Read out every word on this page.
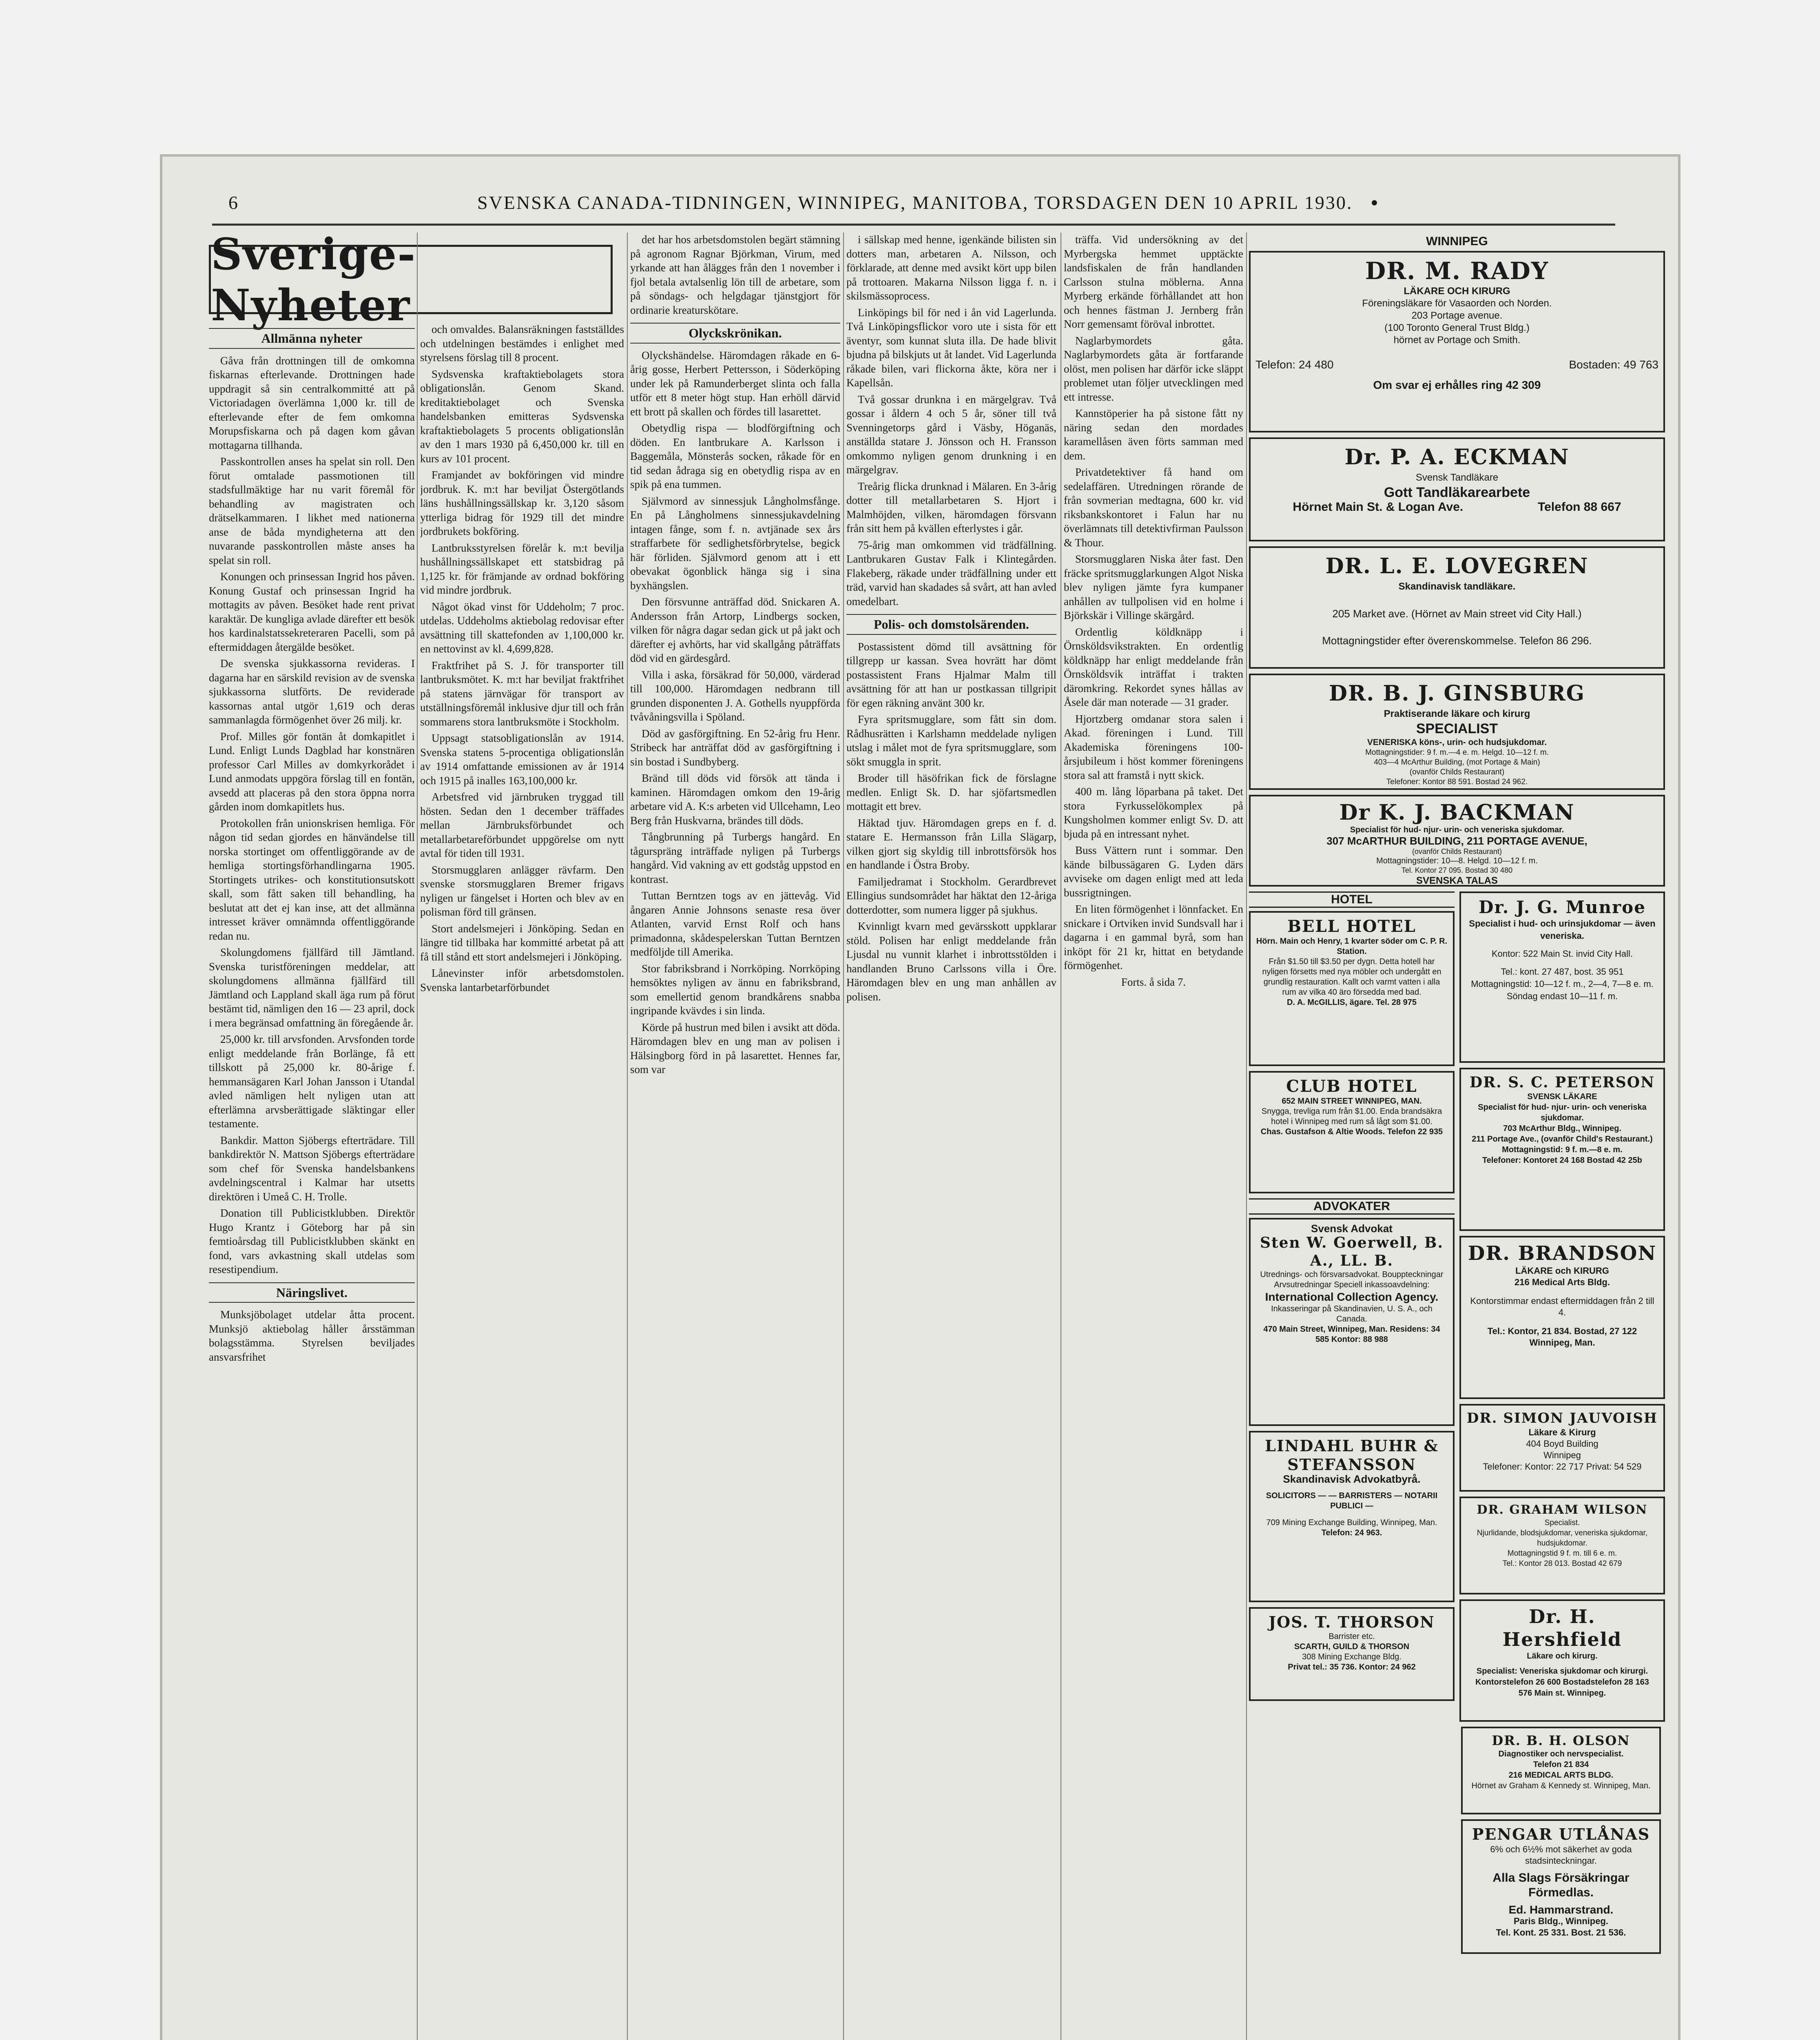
6	SVENSKA CANADA-TIDNINGEN, WINNIPEG, MANITOBA, TORSDAGEN DEN 10 APRIL 1930. •
Sverige-Nyheter
Allmänna nyheter

Gåva från drottningen till de omkomna fiskarnas efterlevande. Drottningen hade uppdragit så sin centralkommitté att på Victoriadagen överlämna 1,000 kr. till de efterlevande efter de fem omkomna Morupsfiskarna och på dagen kom gåvan mottagarna tillhanda.

Passkontrollen anses ha spelat sin roll. Den förut omtalade passmotionen till stadsfullmäktige har nu varit föremål för behandling av magistraten och drätselkammaren. I likhet med nationerna anse de båda myndigheterna att den nuvarande passkontrollen måste anses ha spelat sin roll.

Konungen och prinsessan Ingrid hos påven. Konung Gustaf och prinsessan Ingrid ha mottagits av påven. Besöket hade rent privat karaktär. De kungliga avlade därefter ett besök hos kardinalstatssekreteraren Pacelli, som på eftermiddagen återgälde besöket.

De svenska sjukkassorna revideras. I dagarna har en särskild revision av de svenska sjukkassorna slutförts. De reviderade kassornas antal utgör 1,619 och deras sammanlagda förmögenhet över 26 milj. kr.

Prof. Milles gör fontän åt domkapitlet i Lund. Enligt Lunds Dagblad har konstnären professor Carl Milles av domkyrkorådet i Lund anmodats uppgöra förslag till en fontän, avsedd att placeras på den stora öppna norra gården inom domkapitlets hus.

Protokollen från unionskrisen hemliga. För någon tid sedan gjordes en hänvändelse till norska stortinget om offentliggörande av de hemliga stortingsförhandlingarna 1905. Stortingets utrikes- och konstitutionsutskott skall, som fått saken till behandling, ha beslutat att det ej kan inse, att det allmänna intresset kräver omnämnda offentliggörande redan nu.

Skolungdomens fjällfärd till Jämtland. Svenska turistföreningen meddelar, att skolungdomens allmänna fjällfärd till Jämtland och Lappland skall äga rum på förut bestämt tid, nämligen den 16 — 23 april, dock i mera begränsad omfattning än föregående år.

25,000 kr. till arvsfonden. Arvsfonden torde enligt meddelande från Borlänge, få ett tillskott på 25,000 kr. 80-årige f. hemmansägaren Karl Johan Jansson i Utandal avled nämligen helt nyligen utan att efterlämna arvsberättigade släktingar eller testamente.

Bankdir. Matton Sjöbergs efterträdare. Till bankdirektör N. Mattson Sjöbergs efterträdare som chef för Svenska handelsbankens avdelningscentral i Kalmar har utsetts direktören i Umeå C. H. Trolle.

Donation till Publicistklubben. Direktör Hugo Krantz i Göteborg har på sin femtioårsdag till Publicistklubben skänkt en fond, vars avkastning skall utdelas som resestipendium.

Näringslivet.

Munksjöbolaget utdelar åtta procent. Munksjö aktiebolag håller årsstämman bolagsstämma. Styrelsen beviljades ansvarsfrihet

och omvaldes. Balansräkningen fastställdes och utdelningen bestämdes i enlighet med styrelsens förslag till 8 procent.

Sydsvenska kraftaktiebolagets stora obligationslån. Genom Skand. kreditaktiebolaget och Svenska handelsbanken emitteras Sydsvenska kraftaktiebolagets 5 procents obligationslån av den 1 mars 1930 på 6,450,000 kr. till en kurs av 101 procent.

Framjandet av bokföringen vid mindre jordbruk. K. m:t har beviljat Östergötlands läns hushållningssällskap kr. 3,120 såsom ytterliga bidrag för 1929 till det mindre jordbrukets bokföring.

Lantbruksstyrelsen förelår k. m:t bevilja hushållningssällskapet ett statsbidrag på 1,125 kr. för främjande av ordnad bokföring vid mindre jordbruk.

Något ökad vinst för Uddeholm; 7 proc. utdelas. Uddeholms aktiebolag redovisar efter avsättning till skattefonden av 1,100,000 kr. en nettovinst av kl. 4,699,828.

Fraktfrihet på S. J. för transporter till lantbruksmötet. K. m:t har beviljat fraktfrihet på statens järnvägar för transport av utställningsföremål inklusive djur till och från sommarens stora lantbruksmöte i Stockholm.

Uppsagt statsobligationslån av 1914. Svenska statens 5-procentiga obligationslån av 1914 omfattande emissionen av år 1914 och 1915 på inalles 163,100,000 kr.

Arbetsfred vid järnbruken tryggad till hösten. Sedan den 1 december träffades mellan Järnbruksförbundet och metallarbetareförbundet uppgörelse om nytt avtal för tiden till 1931.

Storsmugglaren anlägger rävfarm. Den svenske storsmugglaren Bremer frigavs nyligen ur fängelset i Horten och blev av en polisman förd till gränsen.

Stort andelsmejeri i Jönköping. Sedan en längre tid tillbaka har kommitté arbetat på att få till stånd ett stort andelsmejeri i Jönköping.

Lånevinster inför arbetsdomstolen. Svenska lantarbetarförbundet

det har hos arbetsdomstolen begärt stämning på agronom Ragnar Björkman, Virum, med yrkande att han ålägges från den 1 november i fjol betala avtalsenlig lön till de arbetare, som på söndags- och helgdagar tjänstgjort för ordinarie kreaturskötare.

Olyckskrönikan.

Olyckshändelse. Häromdagen råkade en 6-årig gosse, Herbert Pettersson, i Söderköping under lek på Ramunderberget slinta och falla utför ett 8 meter högt stup. Han erhöll därvid ett brott på skallen och fördes till lasarettet.

Obetydlig rispa — blodförgiftning och döden. En lantbrukare A. Karlsson i Baggemåla, Mönsterås socken, råkade för en tid sedan ådraga sig en obetydlig rispa av en spik på ena tummen.

Självmord av sinnessjuk Långholmsfånge. En på Långholmens sinnessjukavdelning intagen fånge, som f. n. avtjänade sex års straffarbete för sedlighetsförbrytelse, begick här förliden. Självmord genom att i ett obevakat ögonblick hänga sig i sina byxhängslen.

Den försvunne anträffad död. Snickaren A. Andersson från Artorp, Lindbergs socken, vilken för några dagar sedan gick ut på jakt och därefter ej avhörts, har vid skallgång påträffats död vid en gärdesgård.

Villa i aska, försäkrad för 50,000, värderad till 100,000. Häromdagen nedbrann till grunden disponenten J. A. Gothells nyuppförda tvåvåningsvilla i Spöland.

Död av gasförgiftning. En 52-årig fru Henr. Stribeck har anträffat död av gasförgiftning i sin bostad i Sundbyberg.

Bränd till döds vid försök att tända i kaminen. Häromdagen omkom den 19-årig arbetare vid A. K:s arbeten vid Ullcehamn, Leo Berg från Huskvarna, brändes till döds.

Tångbrunning på Turbergs hangård. En tågurspräng inträffade nyligen på Turbergs hangård. Vid vakning av ett godståg uppstod en kontrast.

Tuttan Berntzen togs av en jättevåg. Vid ångaren Annie Johnsons senaste resa över Atlanten, varvid Ernst Rolf och hans primadonna, skådespelerskan Tuttan Berntzen medföljde till Amerika.

Stor fabriksbrand i Norrköping. Norrköping hemsöktes nyligen av ännu en fabriksbrand, som emellertid genom brandkårens snabba ingripande kvävdes i sin linda.

Körde på hustrun med bilen i avsikt att döda. Häromdagen blev en ung man av polisen i Hälsingborg förd in på lasarettet. Hennes far, som var

i sällskap med henne, igenkände bilisten sin dotters man, arbetaren A. Nilsson, och förklarade, att denne med avsikt kört upp bilen på trottoaren. Makarna Nilsson ligga f. n. i skilsmässoprocess.

Linköpings bil för ned i ån vid Lagerlunda. Två Linköpingsflickor voro ute i sista för ett äventyr, som kunnat sluta illa. De hade blivit bjudna på bilskjuts ut åt landet. Vid Lagerlunda råkade bilen, vari flickorna åkte, köra ner i Kapellsån.

Två gossar drunkna i en märgelgrav. Två gossar i åldern 4 och 5 år, söner till två Svenningetorps gård i Väsby, Höganäs, anställda statare J. Jönsson och H. Fransson omkommo nyligen genom drunkning i en märgelgrav.

Treårig flicka drunknad i Mälaren. En 3-årig dotter till metallarbetaren S. Hjort i Malmhöjden, vilken, häromdagen försvann från sitt hem på kvällen efterlystes i går.

75-årig man omkommen vid trädfällning. Lantbrukaren Gustav Falk i Klintegården. Flakeberg, räkade under trädfällning under ett träd, varvid han skadades så svårt, att han avled omedelbart.

Polis- och domstolsärenden.

Postassistent dömd till avsättning för tillgrepp ur kassan. Svea hovrätt har dömt postassistent Frans Hjalmar Malm till avsättning för att han ur postkassan tillgripit för egen räkning använt 300 kr.

Fyra spritsmugglare, som fått sin dom. Rådhusrätten i Karlshamn meddelade nyligen utslag i målet mot de fyra spritsmugglare, som sökt smuggla in sprit.

Broder till häsöfrikan fick de förslagne medlen. Enligt Sk. D. har sjöfartsmedlen mottagit ett brev.

Häktad tjuv. Häromdagen greps en f. d. statare E. Hermansson från Lilla Slägarp, vilken gjort sig skyldig till inbrottsförsök hos en handlande i Östra Broby.

Familjedramat i Stockholm. Gerardbrevet Ellingius sundsområdet har häktat den 12-åriga dotterdotter, som numera ligger på sjukhus.

Kvinnligt kvarn med gevärsskott uppklarar stöld. Polisen har enligt meddelande från Ljusdal nu vunnit klarhet i inbrottsstölden i handlanden Bruno Carlssons villa i Öre. Häromdagen blev en ung man anhållen av polisen.

träffa. Vid undersökning av det Myrbergska hemmet upptäckte landsfiskalen de från handlanden Carlsson stulna möblerna. Anna Myrberg erkände förhållandet att hon och hennes fästman J. Jernberg från Norr gemensamt föröval inbrottet.

Naglarbymordets gåta. Naglarbymordets gåta är fortfarande olöst, men polisen har därför icke släppt problemet utan följer utvecklingen med ett intresse.

Kannstöperier ha på sistone fått ny näring sedan den mordades karamellåsen även förts samman med dem.

Privatdetektiver få hand om sedelaffären. Utredningen rörande de från sovmerian medtagna, 600 kr. vid riksbankskontoret i Falun har nu överlämnats till detektivfirman Paulsson & Thour.

Storsmugglaren Niska åter fast. Den fräcke spritsmugglarkungen Algot Niska blev nyligen jämte fyra kumpaner anhållen av tullpolisen vid en holme i Björkskär i Villinge skärgård.

Ordentlig köldknäpp i Örnsköldsvikstrakten. En ordentlig köldknäpp har enligt meddelande från Örnsköldsvik inträffat i trakten däromkring. Rekordet synes hållas av Åsele där man noterade — 31 grader.

Hjortzberg omdanar stora salen i Akad. föreningen i Lund. Till Akademiska föreningens 100-årsjubileum i höst kommer föreningens stora sal att framstå i nytt skick.

400 m. lång löparbana på taket. Det stora Fyrkusselökomplex på Kungsholmen kommer enligt Sv. D. att bjuda på en intressant nyhet.

Buss Vättern runt i sommar. Den kände bilbussägaren G. Lyden därs avviseke om dagen enligt med att leda bussrigtningen.

En liten förmögenhet i lönnfacket. En snickare i Ortviken invid Sundsvall har i dagarna i en gammal byrå, som han inköpt för 21 kr, hittat en betydande förmögenhet.

Forts. å sida 7.

WINNIPEG
DR. M. RADY
LÄKARE OCH KIRURG
Föreningsläkare för Vasaorden och Norden.
203 Portage avenue.
(100 Toronto General Trust Bldg.)
hörnet av Portage och Smith.
Telefon: 24 480	Bostaden: 49 763
Om svar ej erhålles ring 42 309
Dr. P. A. ECKMAN
Svensk Tandläkare
Gott Tandläkarearbete
Hörnet Main St. & Logan Ave.	Telefon 88 667
DR. L. E. LOVEGREN
Skandinavisk tandläkare.
205 Market ave. (Hörnet av Main street vid City Hall.)
Mottagningstider efter överenskommelse. Telefon 86 296.
DR. B. J. GINSBURG
Praktiserande läkare och kirurg
SPECIALIST
VENERISKA köns-, urin- och hudsjukdomar.
Mottagningstider: 9 f. m.—4 e. m. Helgd. 10—12 f. m.
403—4 McArthur Building, (mot Portage & Main)
(ovanför Childs Restaurant)
Telefoner: Kontor 88 591. Bostad 24 962.
Dr K. J. BACKMAN
Specialist för hud- njur- urin- och veneriska sjukdomar.
307 McARTHUR BUILDING, 211 PORTAGE AVENUE,
(ovanför Childs Restaurant)
Mottagningstider: 10—8. Helgd. 10—12 f. m.
Tel. Kontor 27 095. Bostad 30 480
SVENSKA TALAS
HOTEL
BELL HOTEL
Hörn. Main och Henry, 1 kvarter söder om C. P. R. Station.
Från $1.50 till $3.50 per dygn. Detta hotell har nyligen försetts med nya möbler och undergått en grundlig restauration. Kallt och varmt vatten i alla rum av vilka 40 äro försedda med bad.
D. A. McGILLIS, ägare. Tel. 28 975
CLUB HOTEL
652 MAIN STREET WINNIPEG, MAN.
Snygga, trevliga rum från $1.00. Enda brandsäkra hotel i Winnipeg med rum så lågt som $1.00.
Chas. Gustafson & Altie Woods. Telefon 22 935
ADVOKATER
Svensk Advokat
Sten W. Goerwell, B. A., LL. B.
Utrednings- och försvarsadvokat. Bouppteckningar Arvsutredningar Speciell inkassoavdelning:
International Collection Agency.
Inkasseringar på Skandinavien, U. S. A., och Canada.
470 Main Street, Winnipeg, Man. Residens: 34 585 Kontor: 88 988
LINDAHL BUHR & STEFANSSON
Skandinavisk Advokatbyrå.
SOLICITORS — — BARRISTERS — NOTARII PUBLICI —
709 Mining Exchange Building, Winnipeg, Man.
Telefon: 24 963.
JOS. T. THORSON
Barrister etc.
SCARTH, GUILD & THORSON
308 Mining Exchange Bldg.
Privat tel.: 35 736. Kontor: 24 962
Dr. J. G. Munroe
Specialist i hud- och urinsjukdomar — även veneriska.
Kontor: 522 Main St. invid City Hall.
Tel.: kont. 27 487, bost. 35 951
Mottagningstid: 10—12 f. m., 2—4, 7—8 e. m.
Söndag endast 10—11 f. m.
DR. S. C. PETERSON
SVENSK LÄKARE
Specialist för hud- njur- urin- och veneriska sjukdomar.
703 McArthur Bldg., Winnipeg.
211 Portage Ave., (ovanför Child's Restaurant.)
Mottagningstid: 9 f. m.—8 e. m.
Telefoner: Kontoret 24 168 Bostad 42 25b
DR. BRANDSON
LÄKARE och KIRURG
216 Medical Arts Bldg.
Kontorstimmar endast eftermiddagen från 2 till 4.
Tel.: Kontor, 21 834. Bostad, 27 122
Winnipeg, Man.
DR. SIMON JAUVOISH
Läkare & Kirurg
404 Boyd Building
Winnipeg
Telefoner: Kontor: 22 717 Privat: 54 529
DR. GRAHAM WILSON
Specialist.
Njurlidande, blodsjukdomar, veneriska sjukdomar, hudsjukdomar.
Mottagningstid 9 f. m. till 6 e. m.
Tel.: Kontor 28 013. Bostad 42 679
Dr. H. Hershfield
Läkare och kirurg.
Specialist: Veneriska sjukdomar och kirurgi.
Kontorstelefon 26 600 Bostadstelefon 28 163
576 Main st. Winnipeg.
DR. B. H. OLSON
Diagnostiker och nervspecialist.
Telefon 21 834
216 MEDICAL ARTS BLDG.
Hörnet av Graham & Kennedy st. Winnipeg, Man.
PENGAR UTLÅNAS
6% och 6½% mot säkerhet av goda stadsinteckningar.
Alla Slags Försäkringar Förmedlas.
Ed. Hammarstrand.
Paris Bldg., Winnipeg.
Tel. Kont. 25 331. Bost. 21 536.
